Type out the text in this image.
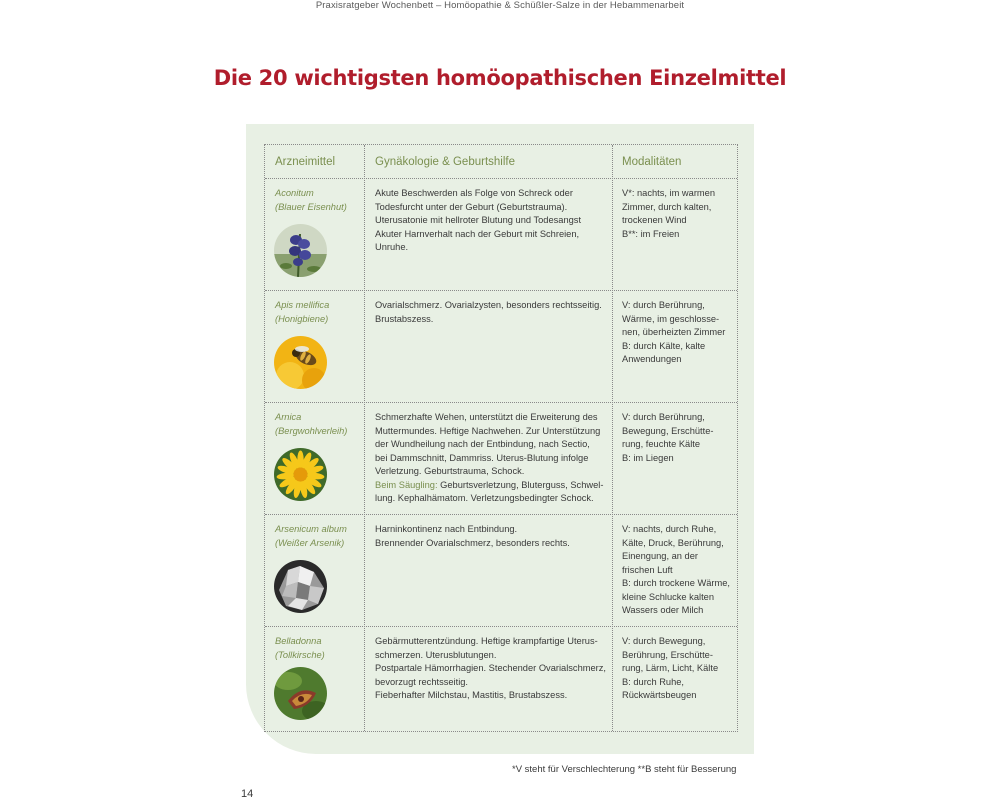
Praxisratgeber Wochenbett – Homöopathie & Schüßler-Salze in der Hebammenarbeit
Die 20 wichtigsten homöopathischen Einzelmittel
Arzneimittel	Gynäkologie & Geburtshilfe	Modalitäten
Aconitum
(Blauer Eisenhut)
Akute Beschwerden als Folge von Schreck oder
Todesfurcht unter der Geburt (Geburtstrauma).
Uterusatonie mit hellroter Blutung und Todesangst
Akuter Harnverhalt nach der Geburt mit Schreien,
Unruhe.
V*: nachts, im warmen
Zimmer, durch kalten,
trockenen Wind
B**: im Freien
Apis mellifica
(Honigbiene)
Ovarialschmerz. Ovarialzysten, besonders rechtsseitig.
Brustabszess.
V: durch Berührung,
Wärme, im geschlosse-
nen, überheizten Zimmer
B: durch Kälte, kalte
Anwendungen
Arnica
(Bergwohlverleih)
Schmerzhafte Wehen, unterstützt die Erweiterung des
Muttermundes. Heftige Nachwehen. Zur Unterstützung
der Wundheilung nach der Entbindung, nach Sectio,
bei Dammschnitt, Dammriss. Uterus-Blutung infolge
Verletzung. Geburtstrauma, Schock.
Beim Säugling: Geburtsverletzung, Bluterguss, Schwel-
lung. Kephalhämatom. Verletzungsbedingter Schock.
V: durch Berührung,
Bewegung, Erschütte-
rung, feuchte Kälte
B: im Liegen
Arsenicum album
(Weißer Arsenik)
Harninkontinenz nach Entbindung.
Brennender Ovarialschmerz, besonders rechts.
V: nachts, durch Ruhe,
Kälte, Druck, Berührung,
Einengung, an der
frischen Luft
B: durch trockene Wärme,
kleine Schlucke kalten
Wassers oder Milch
Belladonna
(Tollkirsche)
Gebärmutterentzündung. Heftige krampfartige Uterus-
schmerzen. Uterusblutungen.
Postpartale Hämorrhagien. Stechender Ovarialschmerz,
bevorzugt rechtsseitig.
Fieberhafter Milchstau, Mastitis, Brustabszess.
V: durch Bewegung,
Berührung, Erschütte-
rung, Lärm, Licht, Kälte
B: durch Ruhe,
Rückwärtsbeugen
*V steht für Verschlechterung **B steht für Besserung
14
